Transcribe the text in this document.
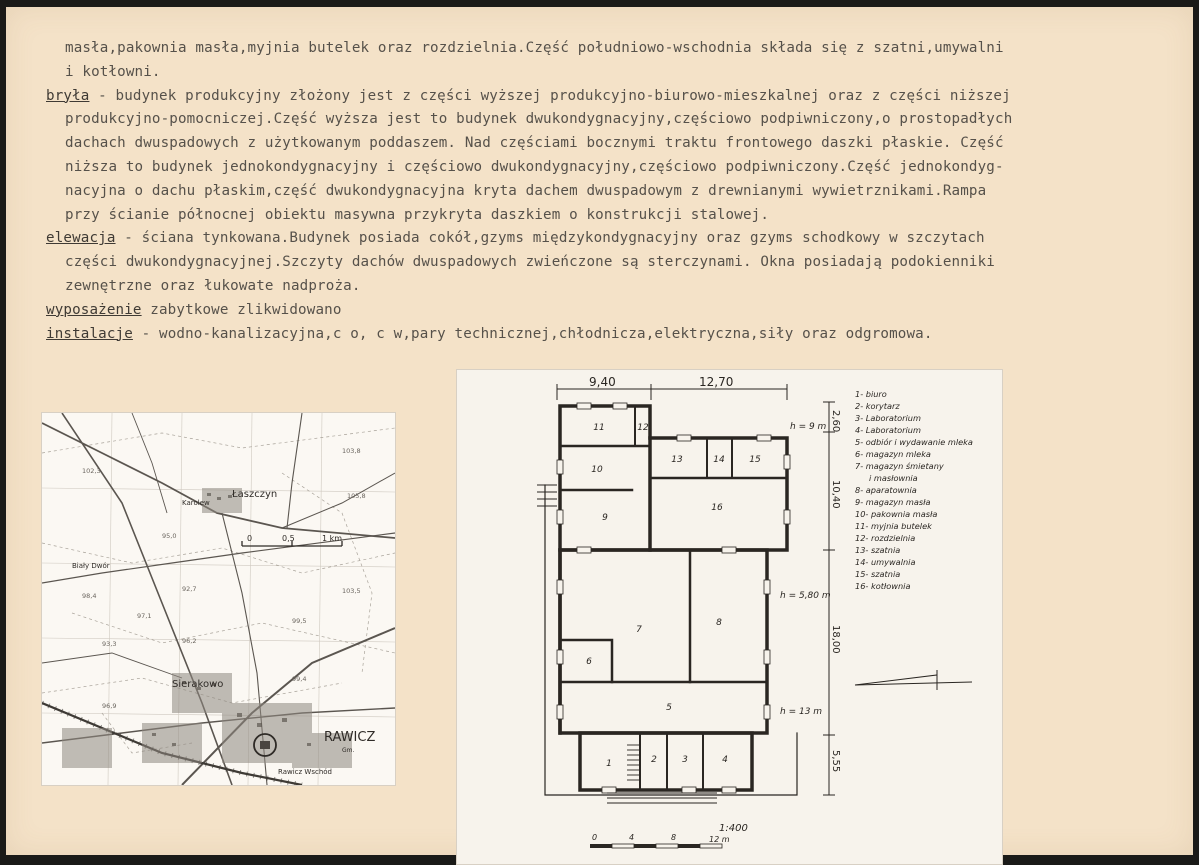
masła,pakownia masła,myjnia butelek oraz rozdzielnia.Część południowo-wschodnia składa się z szatni,umywalni
i kotłowni.
bryła - budynek produkcyjny złożony jest z części wyższej produkcyjno-biurowo-mieszkalnej oraz z części niższej
produkcyjno-pomocniczej.Część wyższa jest to budynek dwukondygnacyjny,częściowo podpiwniczony,o prostopadłych
dachach dwuspadowych z użytkowanym poddaszem. Nad częściami bocznymi traktu frontowego daszki płaskie. Część
niższa to budynek jednokondygnacyjny i częściowo dwukondygnacyjny,częściowo podpiwniczony.Część jednokondyg-
nacyjna o dachu płaskim,część dwukondygnacyjna kryta dachem dwuspadowym z drewnianymi wywietrznikami.Rampa
przy ścianie północnej obiektu masywna przykryta daszkiem o konstrukcji stalowej.
elewacja - ściana tynkowana.Budynek posiada cokół,gzyms międzykondygnacyjny oraz gzyms schodkowy w szczytach
części dwukondygnacyjnej.Szczyty dachów dwuspadowych zwieńczone są sterczynami. Okna posiadają podokienniki
zewnętrzne oraz łukowate nadproża.
wyposażenie zabytkowe zlikwidowano
instalacje - wodno-kanalizacyjna,c o, c w,pary technicznej,chłodnicza,elektryczna,siły oraz odgromowa.
Łaszczyn
Karolew
Biały Dwór
Sierakowo
RAWICZ
Gm.
Rawicz Wschód
103,8
92,7
98,4
105,8
103,5
96,2
93,3
99,5
97,1
102,3
95,0
99,4
96,9
0	0,5	1 km
9,40	12,70
2,60
10,40
18,00
5,55
h = 9 m
h = 5,80 m
h = 13 m
11	12
10
9
13	14	15
16
7
8
6
5
1	2	3	4
1:400
0	4	8	12 m
1- biuro
2- korytarz
3- Laboratorium
4- Laboratorium
5- odbiór i wydawanie mleka
6- magazyn mleka
7- magazyn śmietany
i masłownia
8- aparatownia
9- magazyn masła
10- pakownia masła
11- myjnia butelek
12- rozdzielnia
13- szatnia
14- umywalnia
15- szatnia
16- kotłownia
